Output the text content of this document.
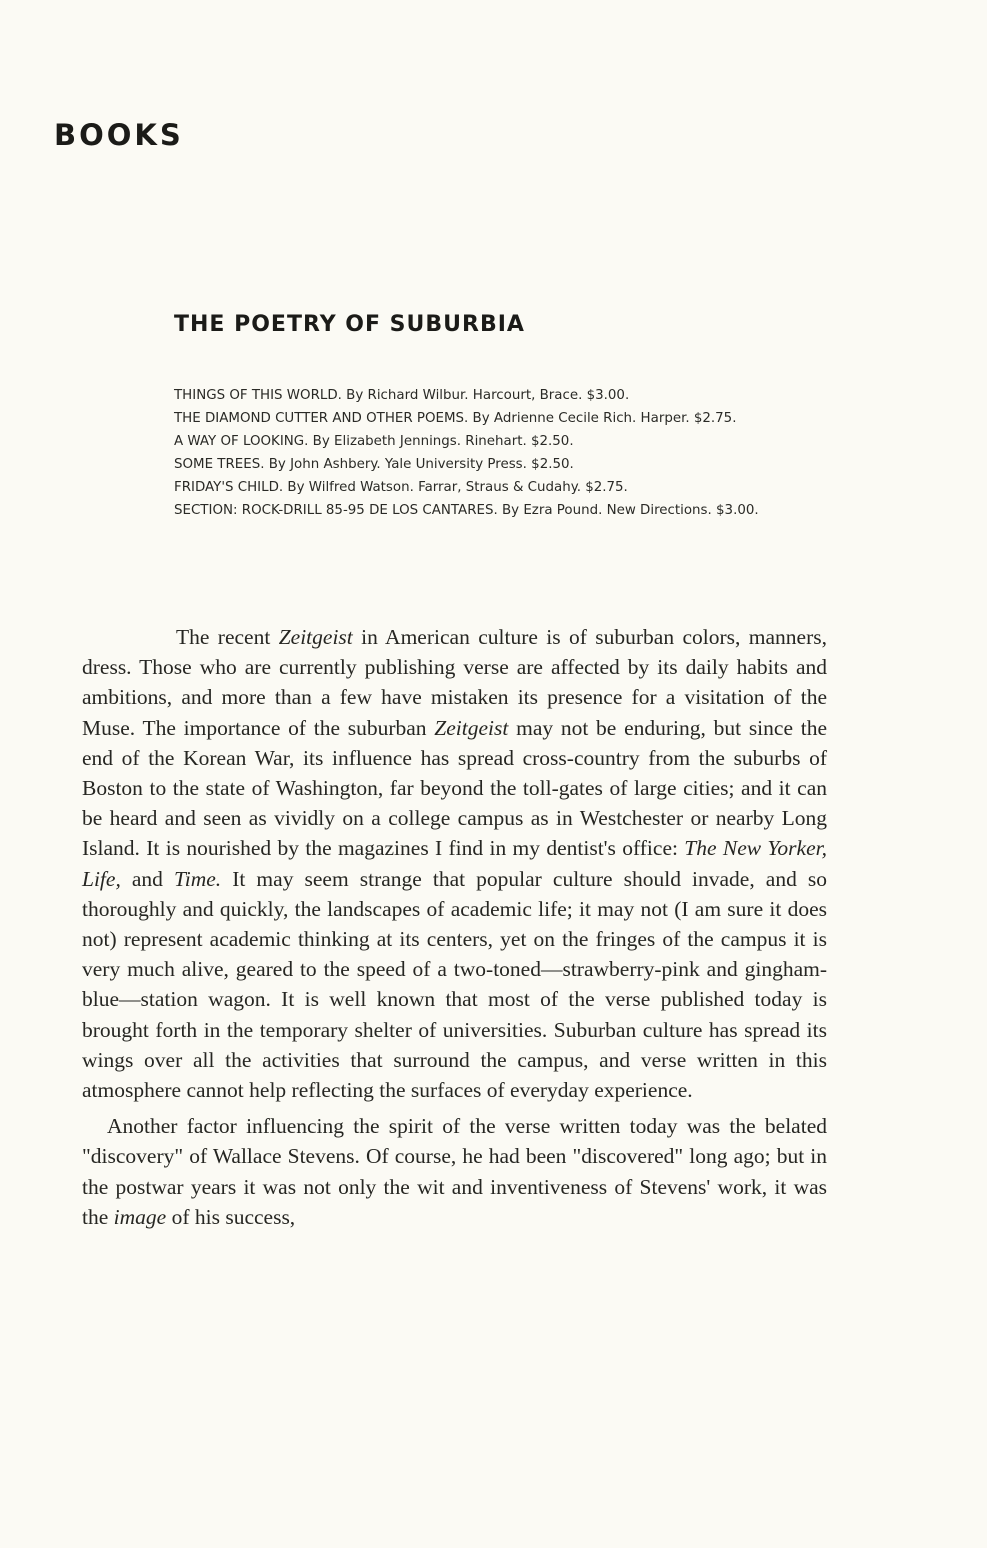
BOOKS
THE POETRY OF SUBURBIA
THINGS OF THIS WORLD. By Richard Wilbur. Harcourt, Brace. $3.00.
THE DIAMOND CUTTER AND OTHER POEMS. By Adrienne Cecile Rich. Harper. $2.75.
A WAY OF LOOKING. By Elizabeth Jennings. Rinehart. $2.50.
SOME TREES. By John Ashbery. Yale University Press. $2.50.
FRIDAY'S CHILD. By Wilfred Watson. Farrar, Straus & Cudahy. $2.75.
SECTION: ROCK-DRILL 85-95 DE LOS CANTARES. By Ezra Pound. New Directions. $3.00.

The recent Zeitgeist in American culture is of suburban colors, manners, dress. Those who are currently publishing verse are affected by its daily habits and ambitions, and more than a few have mistaken its presence for a visitation of the Muse. The importance of the suburban Zeitgeist may not be enduring, but since the end of the Korean War, its influence has spread cross-country from the suburbs of Boston to the state of Washington, far beyond the toll-gates of large cities; and it can be heard and seen as vividly on a college campus as in Westchester or nearby Long Island. It is nourished by the magazines I find in my dentist's office: The New Yorker, Life, and Time. It may seem strange that popular culture should invade, and so thoroughly and quickly, the landscapes of academic life; it may not (I am sure it does not) represent academic thinking at its centers, yet on the fringes of the campus it is very much alive, geared to the speed of a two-toned—strawberry-pink and gingham-blue—station wagon. It is well known that most of the verse published today is brought forth in the temporary shelter of universities. Suburban culture has spread its wings over all the activities that surround the campus, and verse written in this atmosphere cannot help reflecting the surfaces of everyday experience.

Another factor influencing the spirit of the verse written today was the belated "discovery" of Wallace Stevens. Of course, he had been "discovered" long ago; but in the postwar years it was not only the wit and inventiveness of Stevens' work, it was the image of his success,
